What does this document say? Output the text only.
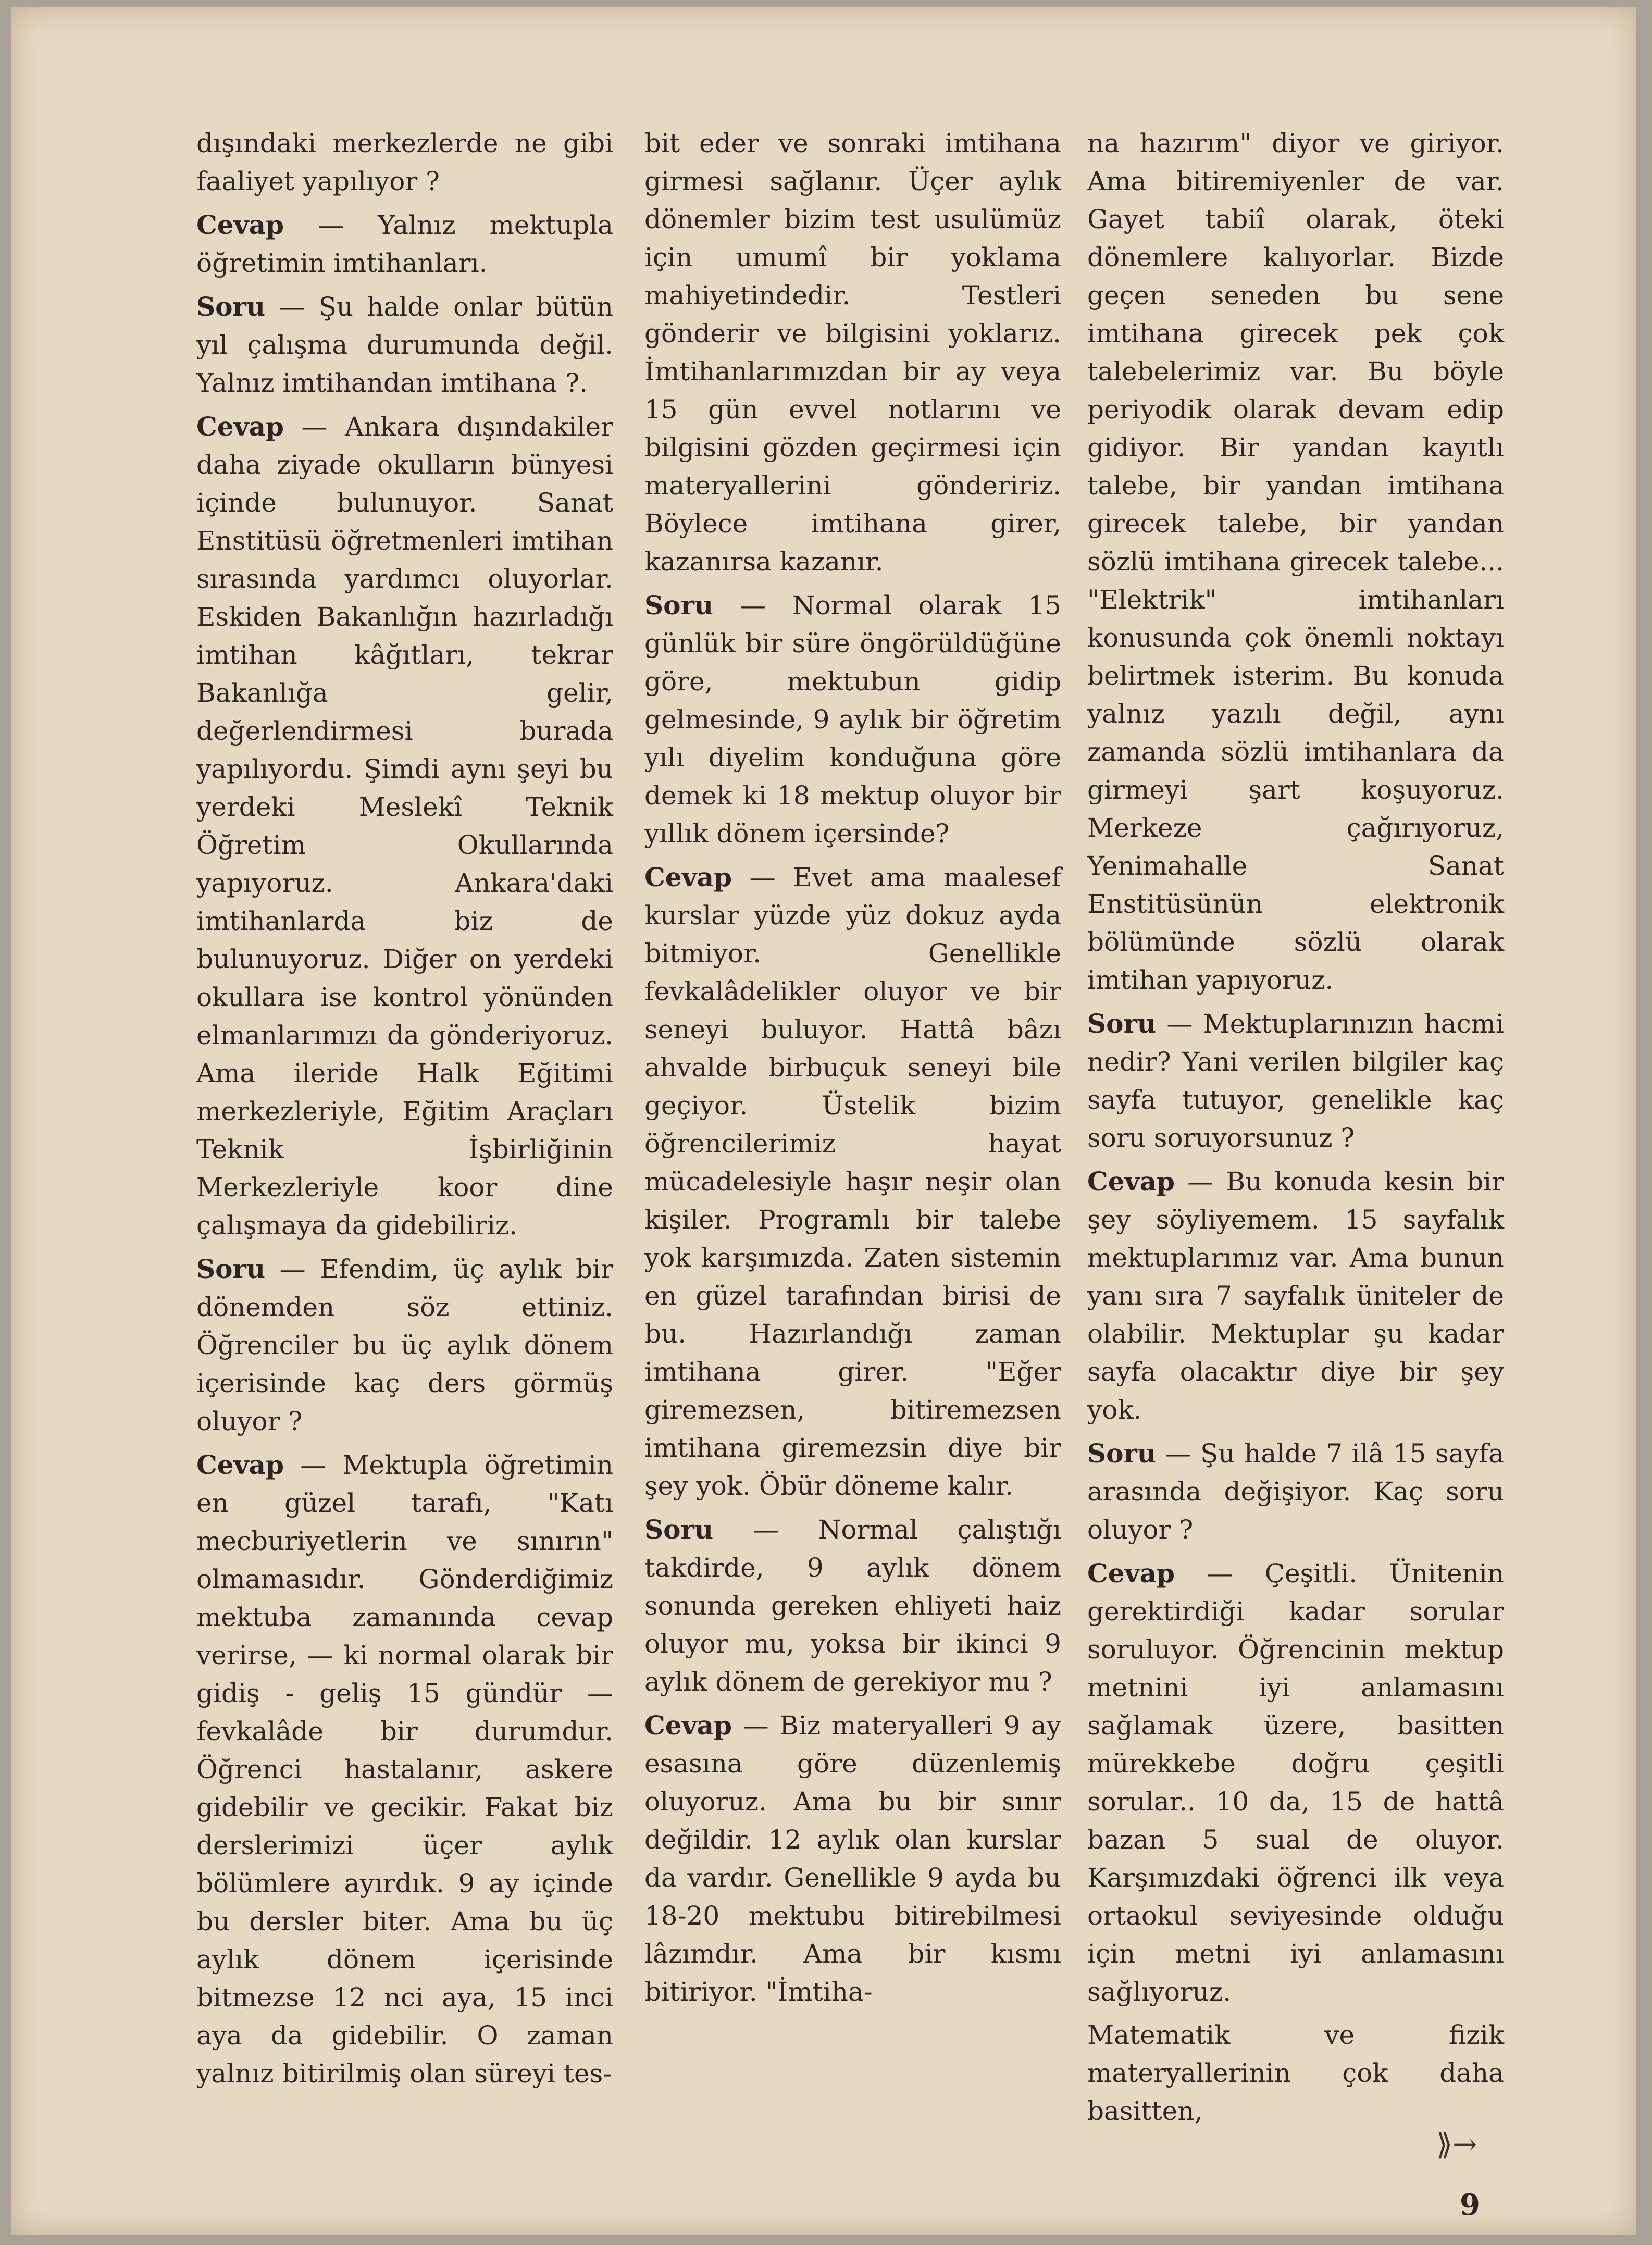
dışındaki merkezlerde ne gibi faaliyet yapılıyor ?

Cevap — Yalnız mektupla öğretimin imtihanları.

Soru — Şu halde onlar bütün yıl çalışma durumunda değil. Yalnız imtihandan imtihana ?.

Cevap — Ankara dışındakiler daha ziyade okulların bünyesi içinde bulunuyor. Sanat Enstitüsü öğretmenleri imtihan sırasında yardımcı oluyorlar. Eskiden Bakanlığın hazırladığı imtihan kâğıtları, tekrar Bakanlığa gelir, değerlendirmesi burada yapılıyordu. Şimdi aynı şeyi bu yerdeki Meslekî Teknik Öğretim Okullarında yapıyoruz. Ankara'daki imtihanlarda biz de bulunuyoruz. Diğer on yerdeki okullara ise kontrol yönünden elmanlarımızı da gönderiyoruz. Ama ileride Halk Eğitimi merkezleriyle, Eğitim Araçları Teknik İşbirliğinin Merkezleriyle koor dine çalışmaya da gidebiliriz.

Soru — Efendim, üç aylık bir dönemden söz ettiniz. Öğrenciler bu üç aylık dönem içerisinde kaç ders görmüş oluyor ?

Cevap — Mektupla öğretimin en güzel tarafı, "Katı mecburiyetlerin ve sınırın" olmamasıdır. Gönderdiğimiz mektuba zamanında cevap verirse, — ki normal olarak bir gidiş - geliş 15 gündür — fevkalâde bir durumdur. Öğrenci hastalanır, askere gidebilir ve gecikir. Fakat biz derslerimizi üçer aylık bölümlere ayırdık. 9 ay içinde bu dersler biter. Ama bu üç aylık dönem içerisinde bitmezse 12 nci aya, 15 inci aya da gidebilir. O zaman yalnız bitirilmiş olan süreyi tes-

bit eder ve sonraki imtihana girmesi sağlanır. Üçer aylık dönemler bizim test usulümüz için umumî bir yoklama mahiyetindedir. Testleri gönderir ve bilgisini yoklarız. İmtihanlarımızdan bir ay veya 15 gün evvel notlarını ve bilgisini gözden geçirmesi için materyallerini göndeririz. Böylece imtihana girer, kazanırsa kazanır.

Soru — Normal olarak 15 günlük bir süre öngörüldüğüne göre, mektubun gidip gelmesinde, 9 aylık bir öğretim yılı diyelim konduğuna göre demek ki 18 mektup oluyor bir yıllık dönem içersinde?

Cevap — Evet ama maalesef kurslar yüzde yüz dokuz ayda bitmiyor. Genellikle fevkalâdelikler oluyor ve bir seneyi buluyor. Hattâ bâzı ahvalde birbuçuk seneyi bile geçiyor. Üstelik bizim öğrencilerimiz hayat mücadelesiyle haşır neşir olan kişiler. Programlı bir talebe yok karşımızda. Zaten sistemin en güzel tarafından birisi de bu. Hazırlandığı zaman imtihana girer. "Eğer giremezsen, bitiremezsen imtihana giremezsin diye bir şey yok. Öbür döneme kalır.

Soru — Normal çalıştığı takdirde, 9 aylık dönem sonunda gereken ehliyeti haiz oluyor mu, yoksa bir ikinci 9 aylık dönem de gerekiyor mu ?

Cevap — Biz materyalleri 9 ay esasına göre düzenlemiş oluyoruz. Ama bu bir sınır değildir. 12 aylık olan kurslar da vardır. Genellikle 9 ayda bu 18-20 mektubu bitirebilmesi lâzımdır. Ama bir kısmı bitiriyor. "İmtiha-

na hazırım" diyor ve giriyor. Ama bitiremiyenler de var. Gayet tabiî olarak, öteki dönemlere kalıyorlar. Bizde geçen seneden bu sene imtihana girecek pek çok talebelerimiz var. Bu böyle periyodik olarak devam edip gidiyor. Bir yandan kayıtlı talebe, bir yandan imtihana girecek talebe, bir yandan sözlü imtihana girecek talebe... "Elektrik" imtihanları konusunda çok önemli noktayı belirtmek isterim. Bu konuda yalnız yazılı değil, aynı zamanda sözlü imtihanlara da girmeyi şart koşuyoruz. Merkeze çağırıyoruz, Yenimahalle Sanat Enstitüsünün elektronik bölümünde sözlü olarak imtihan yapıyoruz.

Soru — Mektuplarınızın hacmi nedir? Yani verilen bilgiler kaç sayfa tutuyor, genelikle kaç soru soruyorsunuz ?

Cevap — Bu konuda kesin bir şey söyliyemem. 15 sayfalık mektuplarımız var. Ama bunun yanı sıra 7 sayfalık üniteler de olabilir. Mektuplar şu kadar sayfa olacaktır diye bir şey yok.

Soru — Şu halde 7 ilâ 15 sayfa arasında değişiyor. Kaç soru oluyor ?

Cevap — Çeşitli. Ünitenin gerektirdiği kadar sorular soruluyor. Öğrencinin mektup metnini iyi anlamasını sağlamak üzere, basitten mürekkebe doğru çeşitli sorular.. 10 da, 15 de hattâ bazan 5 sual de oluyor. Karşımızdaki öğrenci ilk veya ortaokul seviyesinde olduğu için metni iyi anlamasını sağlıyoruz.

Matematik ve fizik materyallerinin çok daha basitten,

⟫→
9
